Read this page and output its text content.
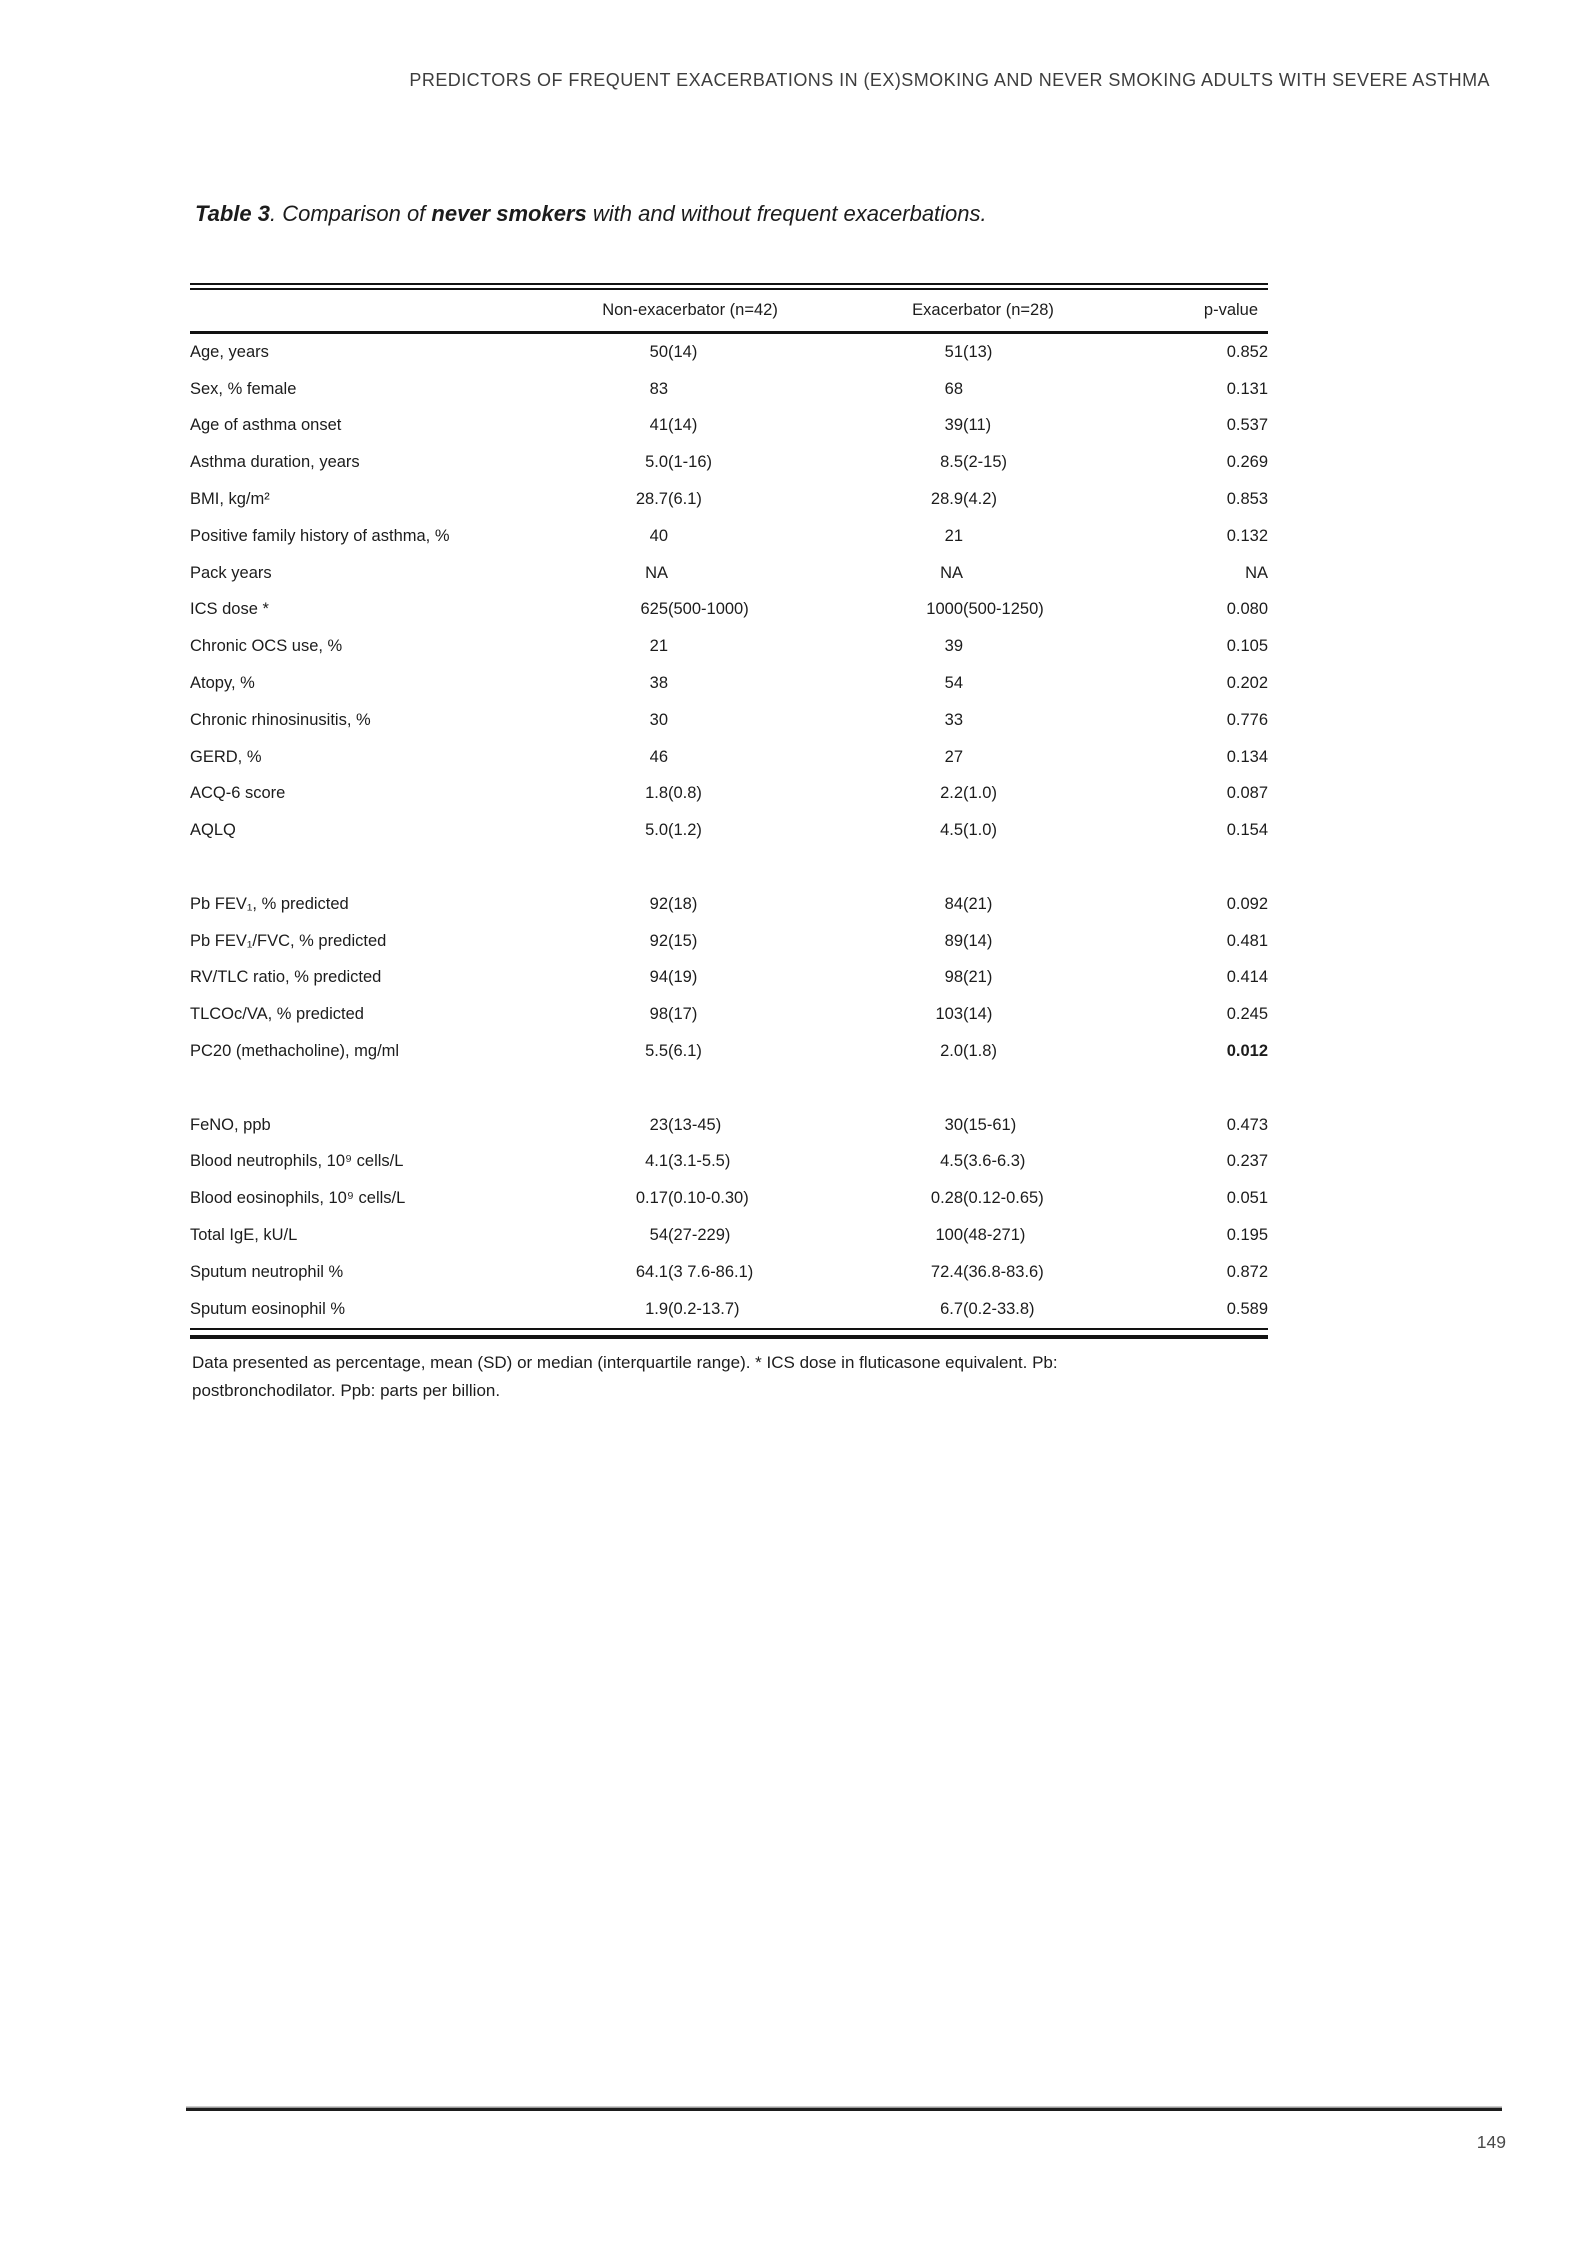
PREDICTORS OF FREQUENT EXACERBATIONS IN (EX)SMOKING AND NEVER SMOKING ADULTS WITH SEVERE ASTHMA
Table 3. Comparison of never smokers with and without frequent exacerbations.
	Non-exacerbator (n=42)	Exacerbator (n=28)	p-value
Age, years	50	(14)	51	(13)	0.852
Sex, % female	83		68		0.131
Age of asthma onset	41	(14)	39	(11)	0.537
Asthma duration, years	5.0	(1-16)	8.5	(2-15)	0.269
BMI, kg/m²	28.7	(6.1)	28.9	(4.2)	0.853
Positive family history of asthma, %	40		21		0.132
Pack years	NA		NA		NA
ICS dose *	625	(500-1000)	1000	(500-1250)	0.080
Chronic OCS use, %	21		39		0.105
Atopy, %	38		54		0.202
Chronic rhinosinusitis, %	30		33		0.776
GERD, %	46		27		0.134
ACQ-6 score	1.8	(0.8)	2.2	(1.0)	0.087
AQLQ	5.0	(1.2)	4.5	(1.0)	0.154

Pb FEV₁, % predicted	92	(18)	84	(21)	0.092
Pb FEV₁/FVC, % predicted	92	(15)	89	(14)	0.481
RV/TLC ratio, % predicted	94	(19)	98	(21)	0.414
TLCOc/VA, % predicted	98	(17)	103	(14)	0.245
PC20 (methacholine), mg/ml	5.5	(6.1)	2.0	(1.8)	0.012

FeNO, ppb	23	(13-45)	30	(15-61)	0.473
Blood neutrophils, 10⁹ cells/L	4.1	(3.1-5.5)	4.5	(3.6-6.3)	0.237
Blood eosinophils, 10⁹ cells/L	0.17	(0.10-0.30)	0.28	(0.12-0.65)	0.051
Total IgE, kU/L	54	(27-229)	100	(48-271)	0.195
Sputum neutrophil %	64.1	(3 7.6-86.1)	72.4	(36.8-83.6)	0.872
Sputum eosinophil %	1.9	(0.2-13.7)	6.7	(0.2-33.8)	0.589
Data presented as percentage, mean (SD) or median (interquartile range). * ICS dose in fluticasone equivalent. Pb:
postbronchodilator. Ppb: parts per billion.
149
